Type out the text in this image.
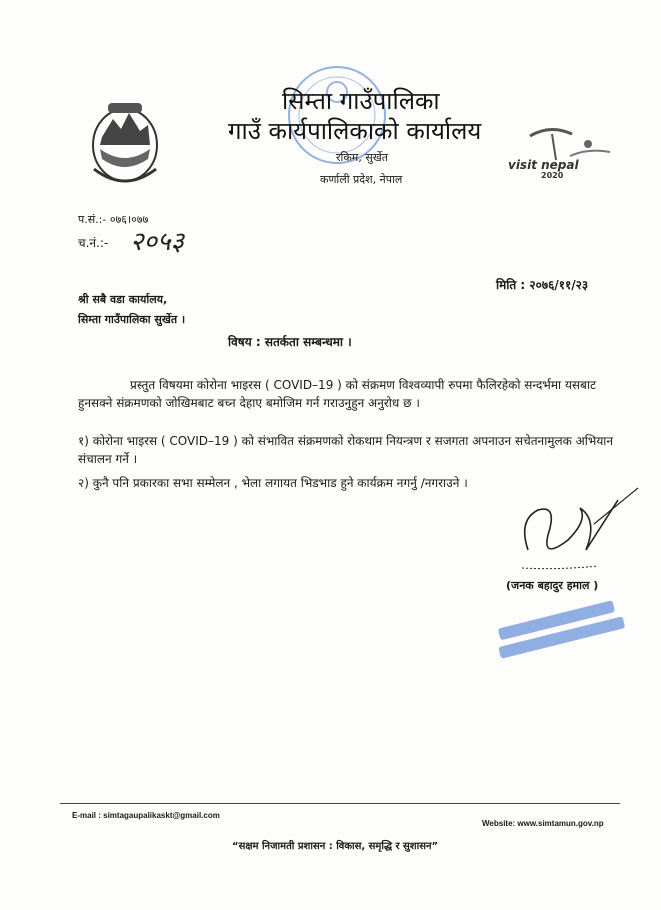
सिम्ता गाउँपालिका
गाउँ कार्यपालिकाको कार्यालय
रकिम, सुर्खेत
कर्णाली प्रदेश, नेपाल
visit nepal
2020
प.सं.:- ०७६।०७७
च.नं.:- २०५३
मिति : २०७६/११/२३
श्री सबै वडा कार्यालय,
सिम्ता गाउँपालिका सुर्खेत ।
विषय : सतर्कता सम्बन्धमा ।
प्रस्तुत विषयमा कोरोना भाइरस ( COVID–19 ) को संक्रमण विश्वव्यापी रुपमा फैलिरहेको सन्दर्भमा यसबाट हुनसक्ने संक्रमणको जोखिमबाट बच्न देहाए बमोजिम गर्न गराउनुहुन अनुरोध छ ।
१) कोरोना भाइरस ( COVID–19 ) को संभावित संक्रमणको रोकथाम नियन्त्रण र सजगता अपनाउन सचेतनामुलक अभियान संचालन गर्ने ।
२) कुनै पनि प्रकारका सभा सम्मेलन , भेला लगायत भिडभाड हुने कार्यक्रम नगर्नु /नगराउने ।
(जनक बहादुर हमाल )
E-mail : simtagaupalikaskt@gmail.com
Website: www.simtamun.gov.np
“सक्षम निजामती प्रशासन : विकास, समृद्धि र सुशासन”
